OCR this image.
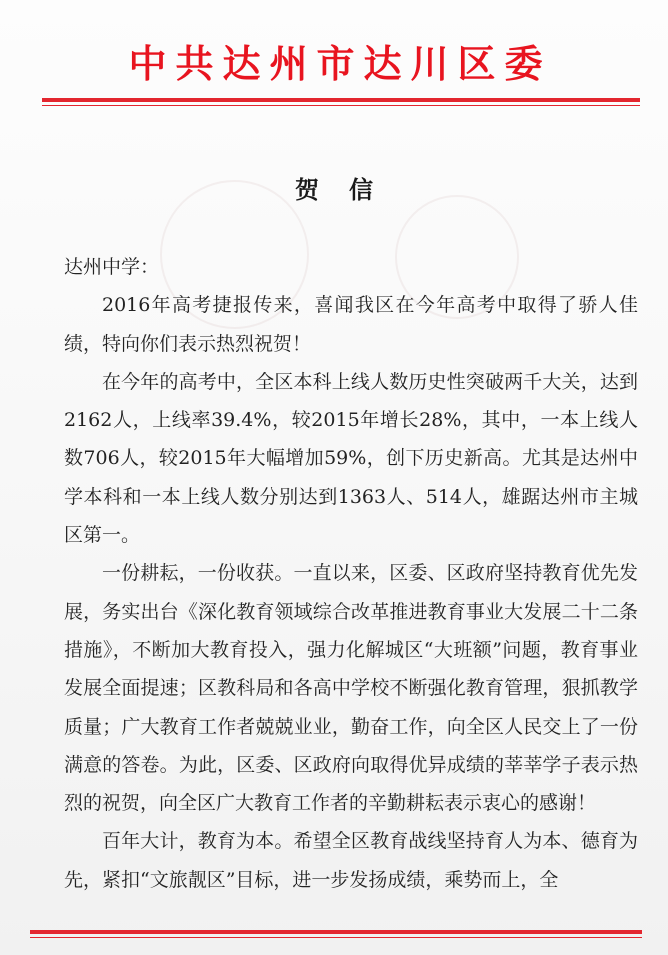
中共达州市达川区委
贺信

达州中学：

2016年高考捷报传来，喜闻我区在今年高考中取得了骄人佳绩，特向你们表示热烈祝贺！

在今年的高考中，全区本科上线人数历史性突破两千大关，达到2162人，上线率39.4%，较2015年增长28%，其中，一本上线人数706人，较2015年大幅增加59%，创下历史新高。尤其是达州中学本科和一本上线人数分别达到1363人、514人，雄踞达州市主城区第一。

一份耕耘，一份收获。一直以来，区委、区政府坚持教育优先发展，务实出台《深化教育领域综合改革推进教育事业大发展二十二条措施》，不断加大教育投入，强力化解城区“大班额”问题，教育事业发展全面提速；区教科局和各高中学校不断强化教育管理，狠抓教学质量；广大教育工作者兢兢业业，勤奋工作，向全区人民交上了一份满意的答卷。为此，区委、区政府向取得优异成绩的莘莘学子表示热烈的祝贺，向全区广大教育工作者的辛勤耕耘表示衷心的感谢！

百年大计，教育为本。希望全区教育战线坚持育人为本、德育为先，紧扣“文旅靓区”目标，进一步发扬成绩，乘势而上，全
